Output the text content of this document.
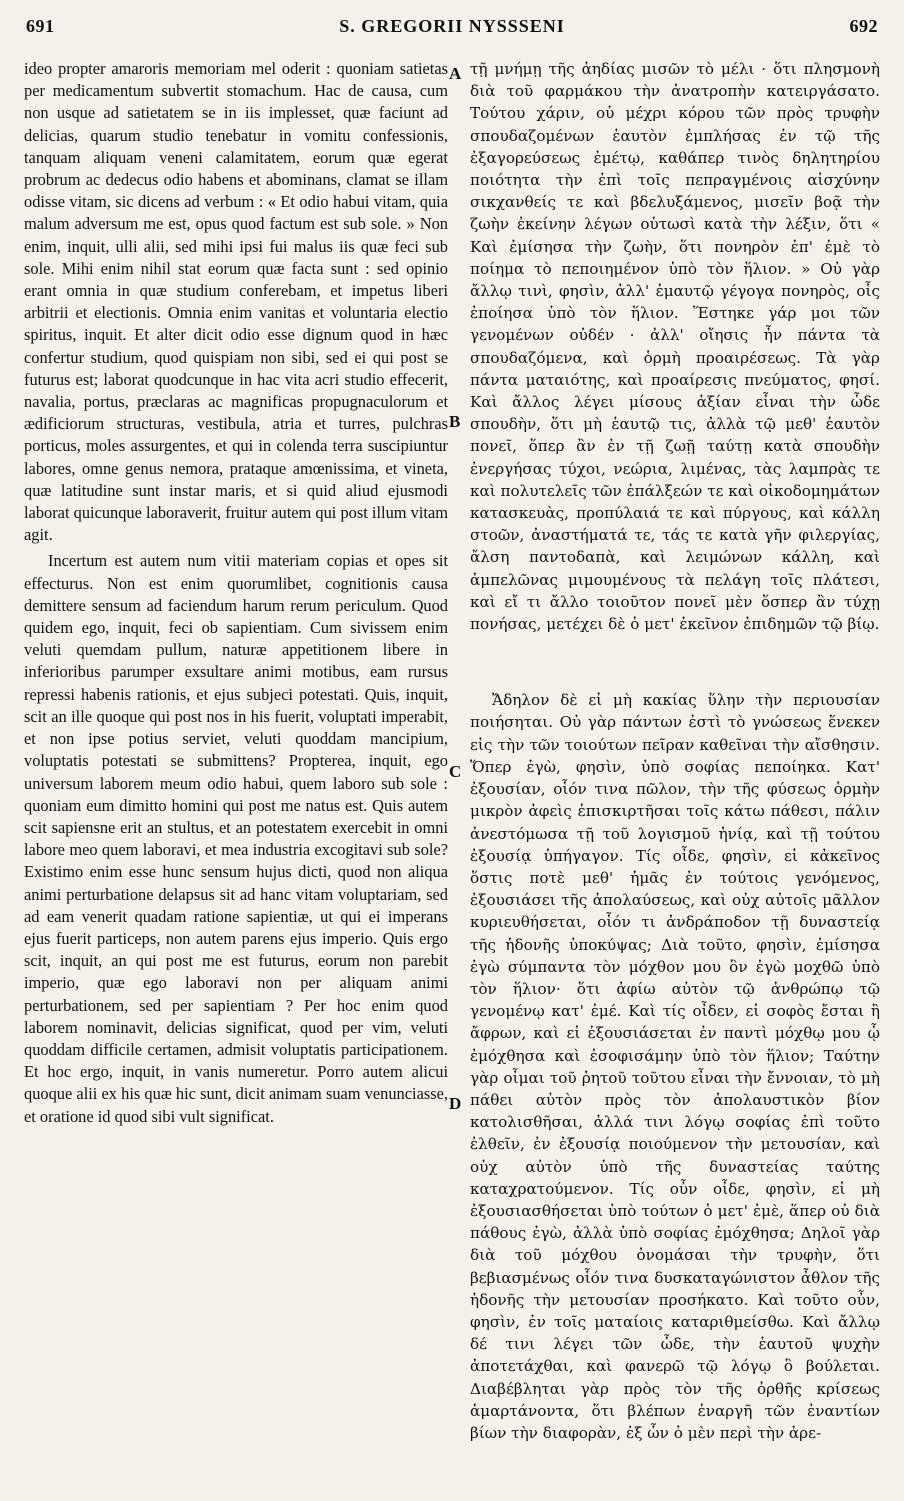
691	S. GREGORII NYSSSENI	692

ideo propter amaroris memoriam mel oderit : quoniam satietas per medicamentum subvertit stomachum. Hac de causa, cum non usque ad satietatem se in iis implesset, quæ faciunt ad delicias, quarum studio tenebatur in vomitu confessionis, tanquam aliquam veneni calamitatem, eorum quæ egerat probrum ac dedecus odio habens et abominans, clamat se illam odisse vitam, sic dicens ad verbum : « Et odio habui vitam, quia malum adversum me est, opus quod factum est sub sole. » Non enim, inquit, ulli alii, sed mihi ipsi fui malus iis quæ feci sub sole. Mihi enim nihil stat eorum quæ facta sunt : sed opinio erant omnia in quæ studium conferebam, et impetus liberi arbitrii et electionis. Omnia enim vanitas et voluntaria electio spiritus, inquit. Et alter dicit odio esse dignum quod in hæc confertur studium, quod quispiam non sibi, sed ei qui post se futurus est; laborat quodcunque in hac vita acri studio effecerit, navalia, portus, præclaras ac magnificas propugnaculorum et ædificiorum structuras, vestibula, atria et turres, pulchras porticus, moles assurgentes, et qui in colenda terra suscipiuntur labores, omne genus nemora, prataque amœnissima, et vineta, quæ latitudine sunt instar maris, et si quid aliud ejusmodi laborat quicunque laboraverit, fruitur autem qui post illum vitam agit.

Incertum est autem num vitii materiam copias et opes sit effecturus. Non est enim quorumlibet, cognitionis causa demittere sensum ad faciendum harum rerum periculum. Quod quidem ego, inquit, feci ob sapientiam. Cum sivissem enim veluti quemdam pullum, naturæ appetitionem libere in inferioribus parumper exsultare animi motibus, eam rursus repressi habenis rationis, et ejus subjeci potestati. Quis, inquit, scit an ille quoque qui post nos in his fuerit, voluptati imperabit, et non ipse potius serviet, veluti quoddam mancipium, voluptatis potestati se submittens? Propterea, inquit, ego universum laborem meum odio habui, quem laboro sub sole : quoniam eum dimitto homini qui post me natus est. Quis autem scit sapiensne erit an stultus, et an potestatem exercebit in omni labore meo quem laboravi, et mea industria excogitavi sub sole? Existimo enim esse hunc sensum hujus dicti, quod non aliqua animi perturbatione delapsus sit ad hanc vitam voluptariam, sed ad eam venerit quadam ratione sapientiæ, ut qui ei imperans ejus fuerit particeps, non autem parens ejus imperio. Quis ergo scit, inquit, an qui post me est futurus, eorum non parebit imperio, quæ ego laboravi non per aliquam animi perturbationem, sed per sapientiam ? Per hoc enim quod laborem nominavit, delicias significat, quod per vim, veluti quoddam difficile certamen, admisit voluptatis participationem. Et hoc ergo, inquit, in vanis numeretur. Porro autem alicui quoque alii ex his quæ hic sunt, dicit animam suam venunciasse, et oratione id quod sibi vult significat.

A
B
C
D

τῇ μνήμῃ τῆς ἀηδίας μισῶν τὸ μέλι · ὅτι πλησμονὴ διὰ τοῦ φαρμάκου τὴν ἀνατροπὴν κατειργάσατο. Τούτου χάριν, οὐ μέχρι κόρου τῶν πρὸς τρυφὴν σπουδαζομένων ἑαυτὸν ἐμπλήσας ἐν τῷ τῆς ἐξαγορεύσεως ἐμέτῳ, καθάπερ τινὸς δηλητηρίου ποιότητα τὴν ἐπὶ τοῖς πεπραγμένοις αἰσχύνην σικχανθείς τε καὶ βδελυξάμενος, μισεῖν βοᾷ τὴν ζωὴν ἐκείνην λέγων οὑτωσὶ κατὰ τὴν λέξιν, ὅτι « Καὶ ἐμίσησα τὴν ζωὴν, ὅτι πονηρὸν ἐπ' ἐμὲ τὸ ποίημα τὸ πεποιημένον ὑπὸ τὸν ἥλιον. » Οὐ γὰρ ἄλλῳ τινὶ, φησὶν, ἀλλ' ἐμαυτῷ γέγογα πονηρὸς, οἷς ἐποίησα ὑπὸ τὸν ἥλιον. Ἕστηκε γάρ μοι τῶν γενομένων οὐδέν · ἀλλ' οἴησις ἦν πάντα τὰ σπουδαζόμενα, καὶ ὁρμὴ προαιρέσεως. Τὰ γὰρ πάντα ματαιότης, καὶ προαίρεσις πνεύματος, φησί. Καὶ ἄλλος λέγει μίσους ἀξίαν εἶναι τὴν ὧδε σπουδὴν, ὅτι μὴ ἑαυτῷ τις, ἀλλὰ τῷ μεθ' ἑαυτὸν πονεῖ, ὅπερ ἂν ἐν τῇ ζωῇ ταύτῃ κατὰ σπουδὴν ἐνεργήσας τύχοι, νεώρια, λιμένας, τὰς λαμπρὰς τε καὶ πολυτελεῖς τῶν ἐπάλξεών τε καὶ οἰκοδομημάτων κατασκευὰς, προπύλαιά τε καὶ πύργους, καὶ κάλλη στοῶν, ἀναστήματά τε, τάς τε κατὰ γῆν φιλεργίας, ἄλση παντοδαπὰ, καὶ λειμώνων κάλλη, καὶ ἀμπελῶνας μιμουμένους τὰ πελάγη τοῖς πλάτεσι, καὶ εἴ τι ἄλλο τοιοῦτον πονεῖ μὲν ὅσπερ ἂν τύχῃ πονήσας, μετέχει δὲ ὁ μετ' ἐκεῖνον ἐπιδημῶν τῷ βίῳ.

Ἄδηλον δὲ εἰ μὴ κακίας ὕλην τὴν περιουσίαν ποιήσηται. Οὐ γὰρ πάντων ἐστὶ τὸ γνώσεως ἕνεκεν εἰς τὴν τῶν τοιούτων πεῖραν καθεῖναι τὴν αἴσθησιν. Ὅπερ ἐγὼ, φησὶν, ὑπὸ σοφίας πεποίηκα. Κατ' ἐξουσίαν, οἷόν τινα πῶλον, τὴν τῆς φύσεως ὁρμὴν μικρὸν ἀφεὶς ἐπισκιρτῆσαι τοῖς κάτω πάθεσι, πάλιν ἀνεστόμωσα τῇ τοῦ λογισμοῦ ἡνίᾳ, καὶ τῇ τούτου ἐξουσίᾳ ὑπήγαγον. Τίς οἶδε, φησὶν, εἰ κἀκεῖνος ὅστις ποτὲ μεθ' ἡμᾶς ἐν τούτοις γενόμενος, ἐξουσιάσει τῆς ἀπολαύσεως, καὶ οὐχ αὐτοῖς μᾶλλον κυριευθήσεται, οἷόν τι ἀνδράποδον τῇ δυναστείᾳ τῆς ἡδονῆς ὑποκύψας; Διὰ τοῦτο, φησὶν, ἐμίσησα ἐγὼ σύμπαντα τὸν μόχθον μου ὃν ἐγὼ μοχθῶ ὑπὸ τὸν ἥλιον· ὅτι ἀφίω αὐτὸν τῷ ἀνθρώπῳ τῷ γενομένῳ κατ' ἐμέ. Καὶ τίς οἶδεν, εἰ σοφὸς ἔσται ἢ ἄφρων, καὶ εἰ ἐξουσιάσεται ἐν παντὶ μόχθῳ μου ᾧ ἐμόχθησα καὶ ἐσοφισάμην ὑπὸ τὸν ἥλιον; Ταύτην γὰρ οἶμαι τοῦ ῥητοῦ τοῦτου εἶναι τὴν ἔννοιαν, τὸ μὴ πάθει αὐτὸν πρὸς τὸν ἀπολαυστικὸν βίον κατολισθῆσαι, ἀλλά τινι λόγῳ σοφίας ἐπὶ τοῦτο ἐλθεῖν, ἐν ἐξουσίᾳ ποιούμενον τὴν μετουσίαν, καὶ οὐχ αὐτὸν ὑπὸ τῆς δυναστείας ταύτης καταχρατούμενον. Τίς οὖν οἶδε, φησὶν, εἰ μὴ ἐξουσιασθήσεται ὑπὸ τούτων ὁ μετ' ἐμὲ, ἅπερ οὐ διὰ πάθους ἐγὼ, ἀλλὰ ὑπὸ σοφίας ἐμόχθησα; Δηλοῖ γὰρ διὰ τοῦ μόχθου ὀνομάσαι τὴν τρυφὴν, ὅτι βεβιασμένως οἷόν τινα δυσκαταγώνιστον ἆθλον τῆς ἡδονῆς τὴν μετουσίαν προσήκατο. Καὶ τοῦτο οὖν, φησὶν, ἐν τοῖς ματαίοις καταριθμείσθω. Καὶ ἄλλῳ δέ τινι λέγει τῶν ὧδε, τὴν ἑαυτοῦ ψυχὴν ἀποτετάχθαι, καὶ φανερῶ τῷ λόγῳ ὃ βούλεται. Διαβέβληται γὰρ πρὸς τὸν τῆς ὀρθῆς κρίσεως ἁμαρτάνοντα, ὅτι βλέπων ἐναργῆ τῶν ἐναντίων βίων τὴν διαφορὰν, ἐξ ὧν ὁ μὲν περὶ τὴν ἀρε-
